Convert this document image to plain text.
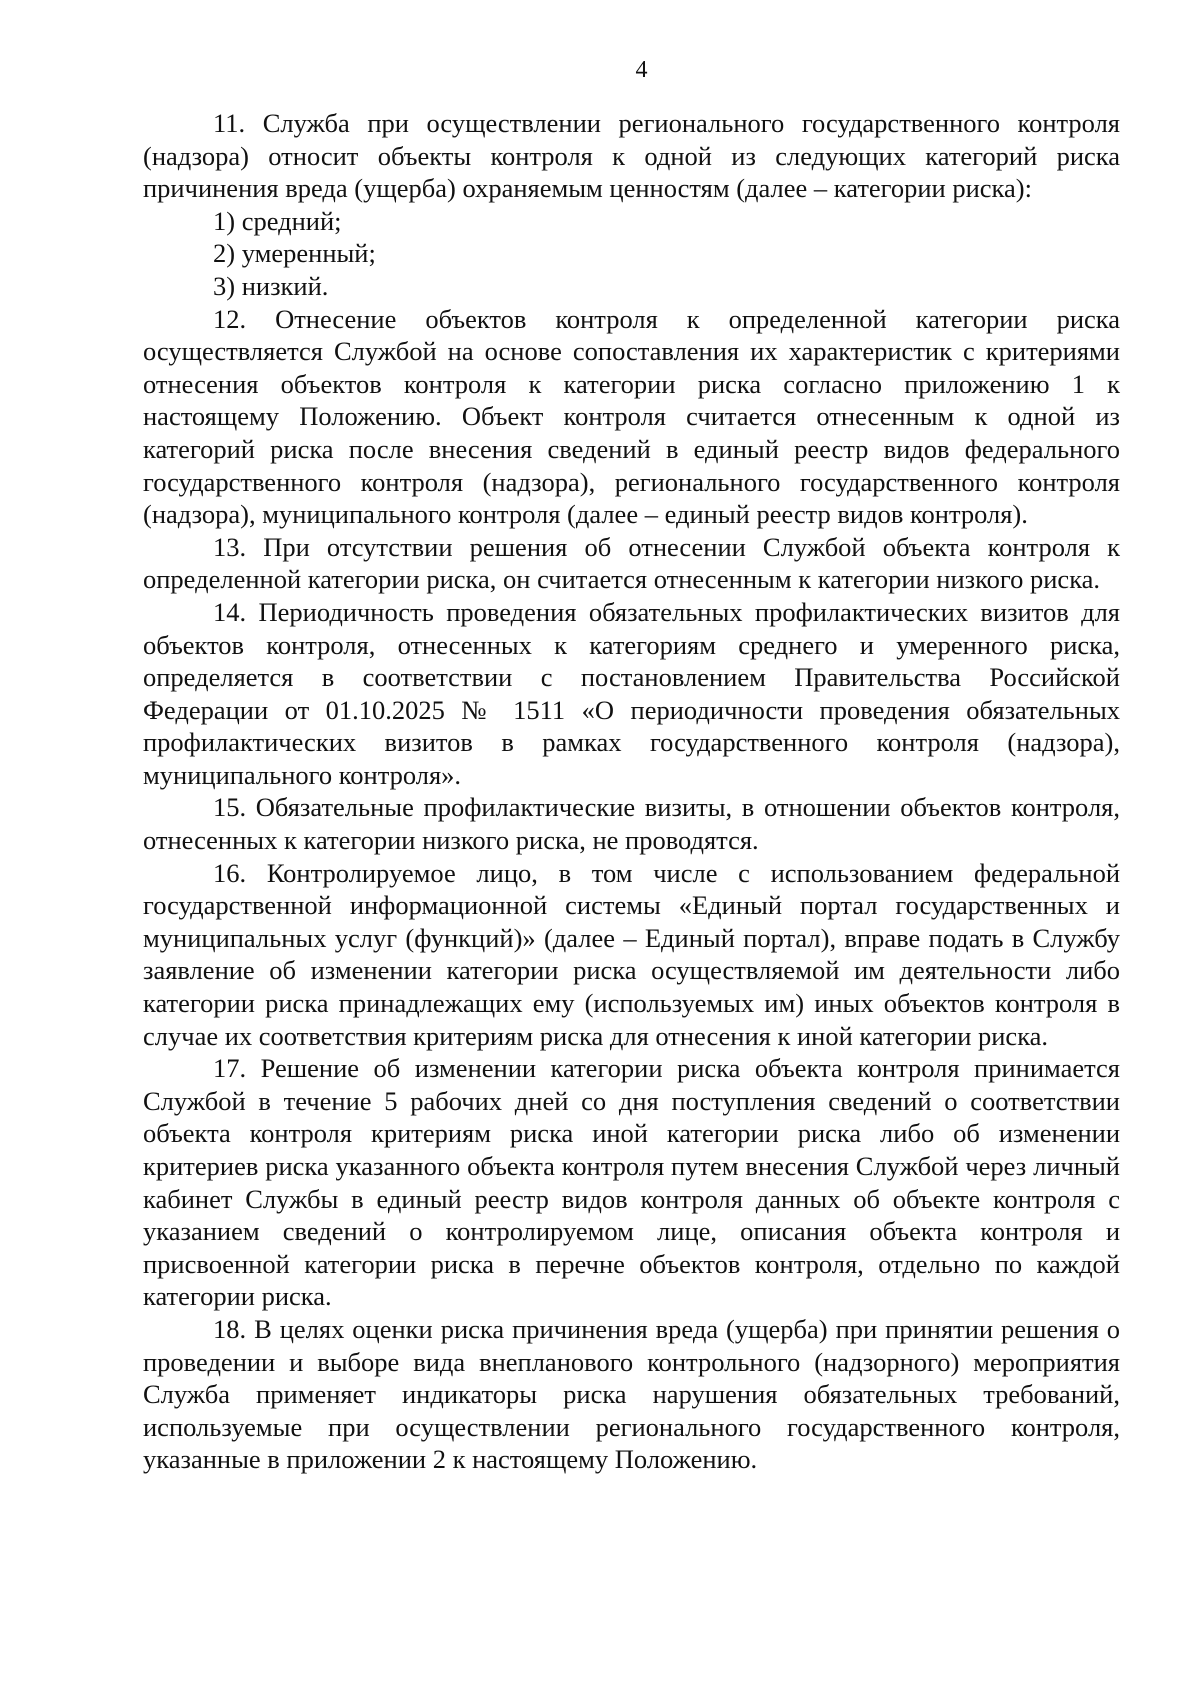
4

11. Служба при осуществлении регионального государственного контроля (надзора) относит объекты контроля к одной из следующих категорий риска причинения вреда (ущерба) охраняемым ценностям (далее – категории риска):

1) средний;

2) умеренный;

3) низкий.

12. Отнесение объектов контроля к определенной категории риска осуществляется Службой на основе сопоставления их характеристик с критериями отнесения объектов контроля к категории риска согласно приложению 1 к настоящему Положению. Объект контроля считается отнесенным к одной из категорий риска после внесения сведений в единый реестр видов федерального государственного контроля (надзора), регионального государственного контроля (надзора), муниципального контроля (далее – единый реестр видов контроля).

13. При отсутствии решения об отнесении Службой объекта контроля к определенной категории риска, он считается отнесенным к категории низкого риска.

14. Периодичность проведения обязательных профилактических визитов для объектов контроля, отнесенных к категориям среднего и умеренного риска, определяется в соответствии с постановлением Правительства Российской Федерации от 01.10.2025 № 1511 «О периодичности проведения обязательных профилактических визитов в рамках государственного контроля (надзора), муниципального контроля».

15. Обязательные профилактические визиты, в отношении объектов контроля, отнесенных к категории низкого риска, не проводятся.

16. Контролируемое лицо, в том числе с использованием федеральной государственной информационной системы «Единый портал государственных и муниципальных услуг (функций)» (далее – Единый портал), вправе подать в Службу заявление об изменении категории риска осуществляемой им деятельности либо категории риска принадлежащих ему (используемых им) иных объектов контроля в случае их соответствия критериям риска для отнесения к иной категории риска.

17. Решение об изменении категории риска объекта контроля принимается Службой в течение 5 рабочих дней со дня поступления сведений о соответствии объекта контроля критериям риска иной категории риска либо об изменении критериев риска указанного объекта контроля путем внесения Службой через личный кабинет Службы в единый реестр видов контроля данных об объекте контроля с указанием сведений о контролируемом лице, описания объекта контроля и присвоенной категории риска в перечне объектов контроля, отдельно по каждой категории риска.

18. В целях оценки риска причинения вреда (ущерба) при принятии решения о проведении и выборе вида внепланового контрольного (надзорного) мероприятия Служба применяет индикаторы риска нарушения обязательных требований, используемые при осуществлении регионального государственного контроля, указанные в приложении 2 к настоящему Положению.
